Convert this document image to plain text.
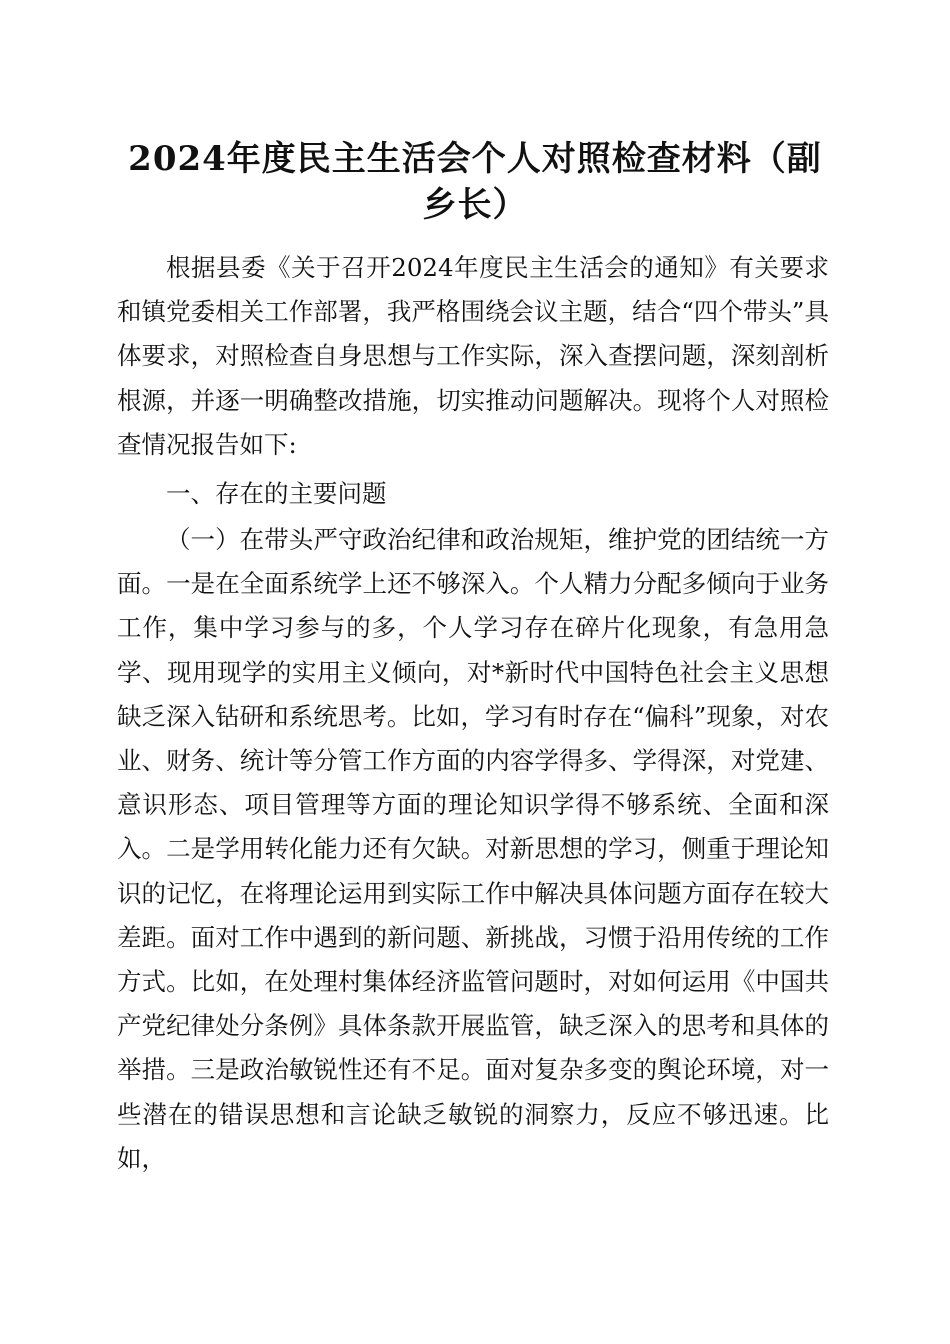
2024年度民主生活会个人对照检查材料（副乡长）

根据县委《关于召开2024年度民主生活会的通知》有关要求和镇党委相关工作部署，我严格围绕会议主题，结合“四个带头”具体要求，对照检查自身思想与工作实际，深入查摆问题，深刻剖析根源，并逐一明确整改措施，切实推动问题解决。现将个人对照检查情况报告如下:

一、存在的主要问题

（一）在带头严守政治纪律和政治规矩，维护党的团结统一方面。一是在全面系统学上还不够深入。个人精力分配多倾向于业务工作，集中学习参与的多，个人学习存在碎片化现象，有急用急学、现用现学的实用主义倾向，对*新时代中国特色社会主义思想缺乏深入钻研和系统思考。比如，学习有时存在“偏科”现象，对农业、财务、统计等分管工作方面的内容学得多、学得深，对党建、意识形态、项目管理等方面的理论知识学得不够系统、全面和深入。二是学用转化能力还有欠缺。对新思想的学习，侧重于理论知识的记忆，在将理论运用到实际工作中解决具体问题方面存在较大差距。面对工作中遇到的新问题、新挑战，习惯于沿用传统的工作方式。比如，在处理村集体经济监管问题时，对如何运用《中国共产党纪律处分条例》具体条款开展监管，缺乏深入的思考和具体的举措。三是政治敏锐性还有不足。面对复杂多变的舆论环境，对一些潜在的错误思想和言论缺乏敏锐的洞察力，反应不够迅速。比如，
